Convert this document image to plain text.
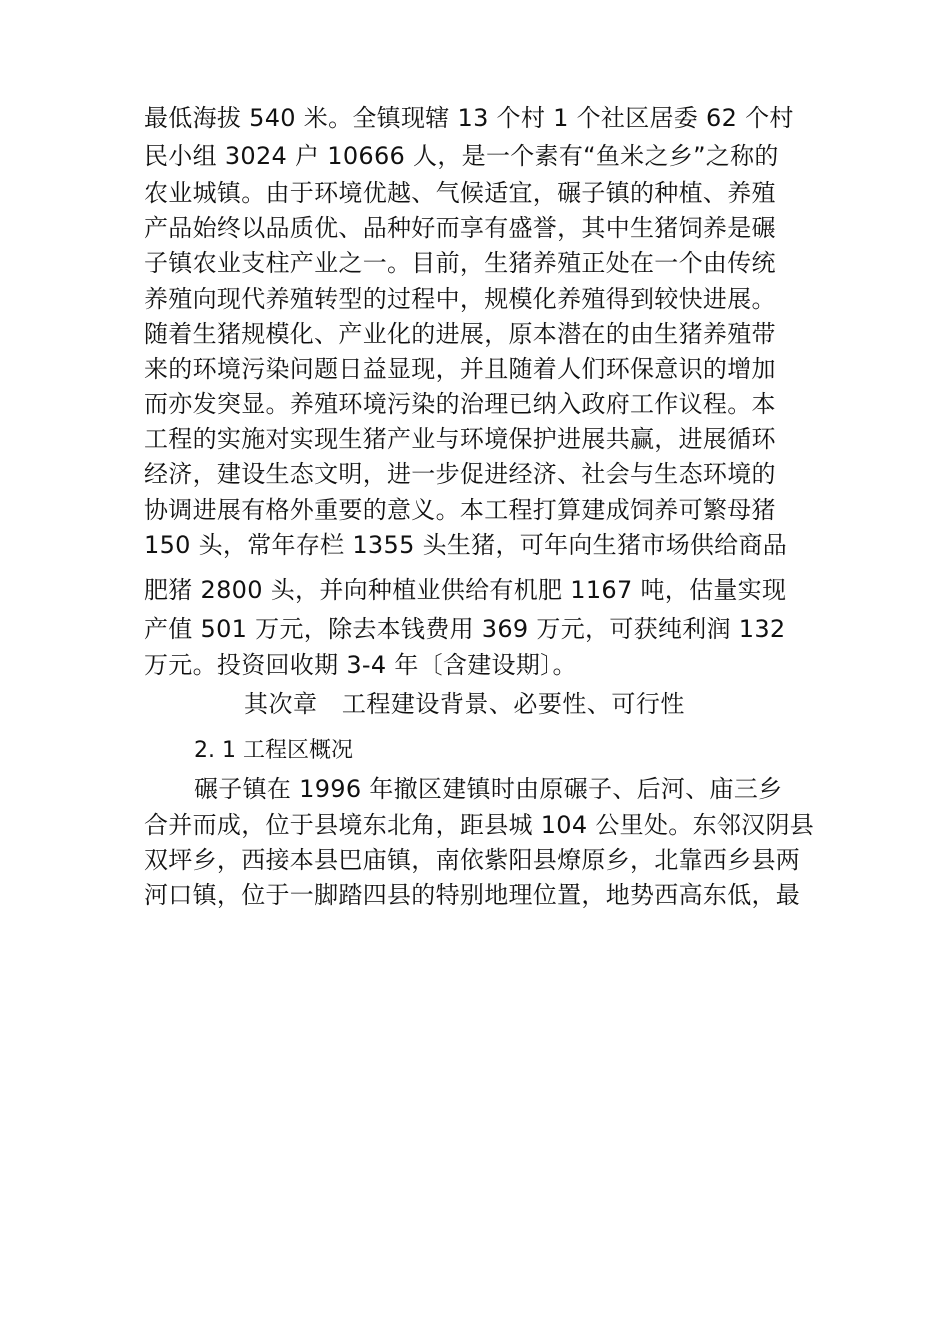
最低海拔 540 米。全镇现辖 13 个村 1 个社区居委 62 个村
民小组 3024 户 10666 人，是一个素有“鱼米之乡”之称的
农业城镇。由于环境优越、气候适宜，碾子镇的种植、养殖
产品始终以品质优、品种好而享有盛誉，其中生猪饲养是碾
子镇农业支柱产业之一。目前，生猪养殖正处在一个由传统
养殖向现代养殖转型的过程中，规模化养殖得到较快进展。
随着生猪规模化、产业化的进展，原本潜在的由生猪养殖带
来的环境污染问题日益显现，并且随着人们环保意识的增加
而亦发突显。养殖环境污染的治理已纳入政府工作议程。本
工程的实施对实现生猪产业与环境保护进展共赢，进展循环
经济，建设生态文明，进一步促进经济、社会与生态环境的
协调进展有格外重要的意义。本工程打算建成饲养可繁母猪
150 头，常年存栏 1355 头生猪，可年向生猪市场供给商品
肥猪 2800 头，并向种植业供给有机肥 1167 吨，估量实现
产值 501 万元，除去本钱费用 369 万元，可获纯利润 132
万元。投资回收期 3-4 年〔含建设期〕。
其次章   工程建设背景、必要性、可行性
2. 1 工程区概况
碾子镇在 1996 年撤区建镇时由原碾子、后河、庙三乡
合并而成，位于县境东北角，距县城 104 公里处。东邻汉阴县
双坪乡，西接本县巴庙镇，南依紫阳县燎原乡，北靠西乡县两
河口镇，位于一脚踏四县的特别地理位置，地势西高东低，最
